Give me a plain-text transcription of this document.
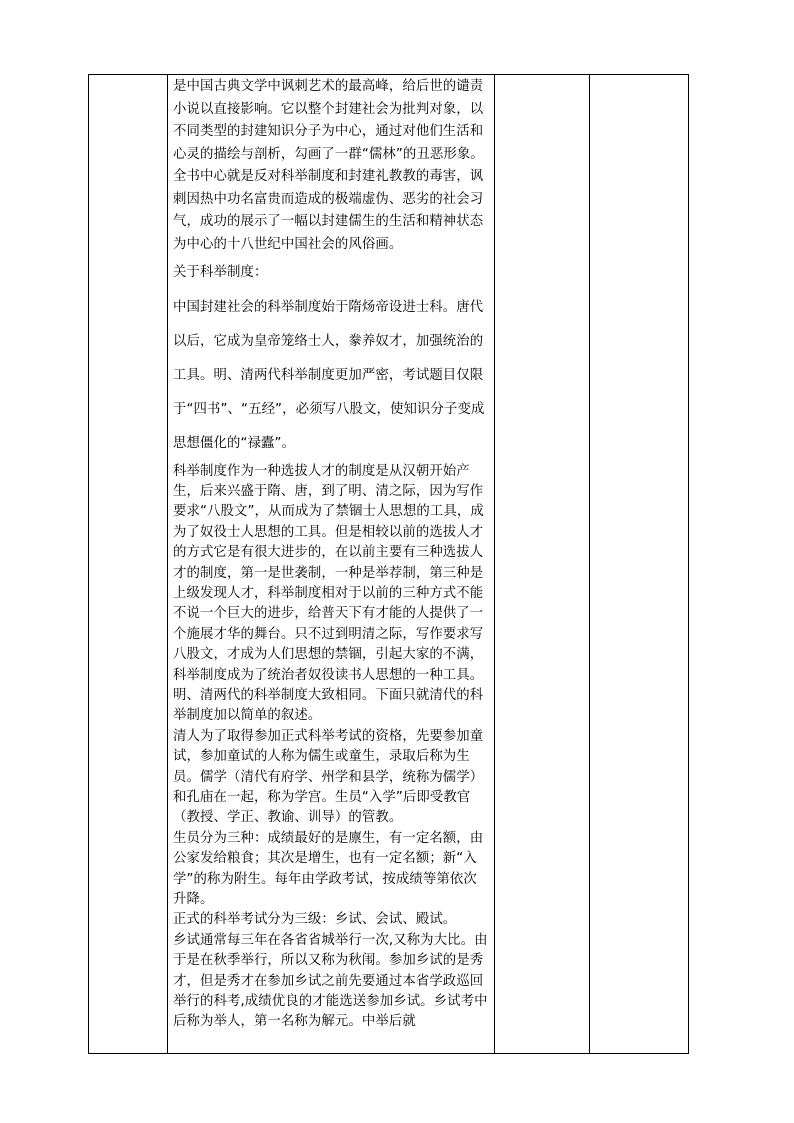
是中国古典文学中讽刺艺术的最高峰，给后世的谴责小说以直接影响。它以整个封建社会为批判对象，以不同类型的封建知识分子为中心，通过对他们生活和心灵的描绘与剖析，勾画了一群“儒林”的丑恶形象。全书中心就是反对科举制度和封建礼教教的毒害，讽刺因热中功名富贵而造成的极端虚伪、恶劣的社会习气，成功的展示了一幅以封建儒生的生活和精神状态为中心的十八世纪中国社会的风俗画。

关于科举制度：

中国封建社会的科举制度始于隋炀帝设进士科。唐代以后，它成为皇帝笼络士人，豢养奴才，加强统治的工具。明、清两代科举制度更加严密，考试题目仅限于“四书”、“五经”，必须写八股文，使知识分子变成思想僵化的“禄蠹”。

科举制度作为一种选拔人才的制度是从汉朝开始产生，后来兴盛于隋、唐，到了明、清之际，因为写作要求“八股文”，从而成为了禁锢士人思想的工具，成为了奴役士人思想的工具。但是相较以前的选拔人才的方式它是有很大进步的，在以前主要有三种选拔人才的制度，第一是世袭制，一种是举荐制，第三种是上级发现人才，科举制度相对于以前的三种方式不能不说一个巨大的进步，给普天下有才能的人提供了一个施展才华的舞台。只不过到明清之际，写作要求写八股文，才成为人们思想的禁锢，引起大家的不满，科举制度成为了统治者奴役读书人思想的一种工具。

明、清两代的科举制度大致相同。下面只就清代的科举制度加以简单的叙述。

清人为了取得参加正式科举考试的资格，先要参加童试，参加童试的人称为儒生或童生，录取后称为生员。儒学（清代有府学、州学和县学，统称为儒学）和孔庙在一起，称为学宫。生员“入学”后即受教官（教授、学正、教谕、训导）的管教。

生员分为三种：成绩最好的是廪生，有一定名额，由公家发给粮食；其次是增生，也有一定名额；新“入学”的称为附生。每年由学政考试，按成绩等第依次升降。

正式的科举考试分为三级：乡试、会试、殿试。

乡试通常每三年在各省省城举行一次,又称为大比。由于是在秋季举行，所以又称为秋闱。参加乡试的是秀才，但是秀才在参加乡试之前先要通过本省学政巡回举行的科考,成绩优良的才能选送参加乡试。乡试考中后称为举人，第一名称为解元。中举后就
